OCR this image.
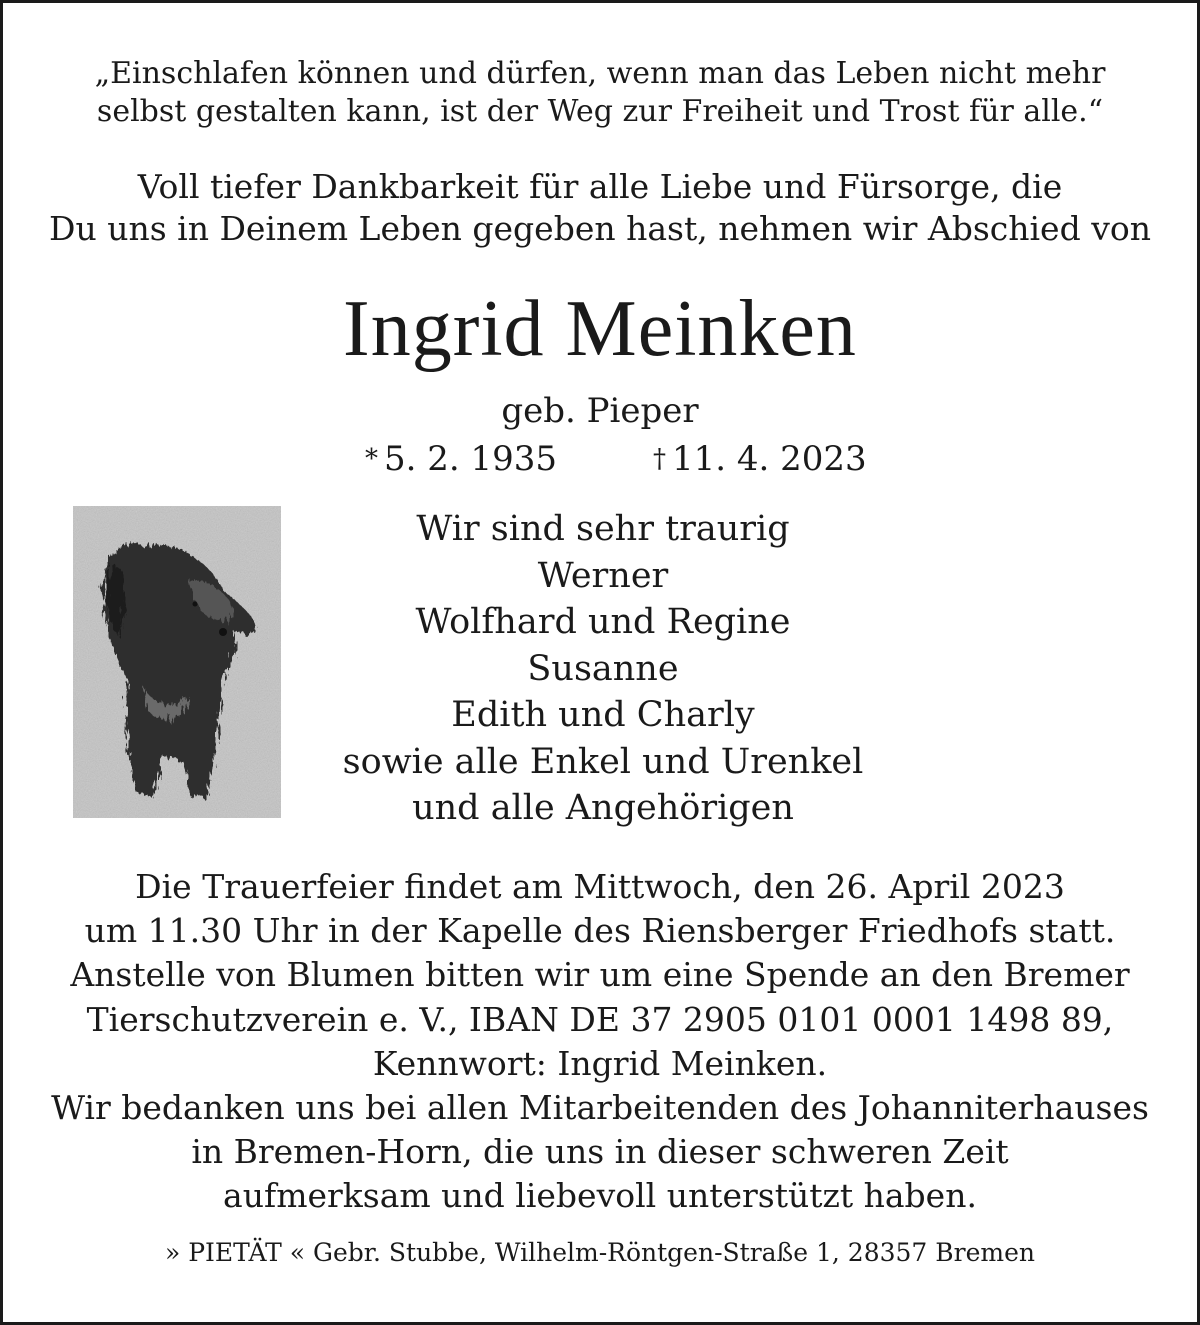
„Einschlafen können und dürfen, wenn man das Leben nicht mehr
selbst gestalten kann, ist der Weg zur Freiheit und Trost für alle.“
Voll tiefer Dankbarkeit für alle Liebe und Fürsorge, die
Du uns in Deinem Leben gegeben hast, nehmen wir Abschied von
Ingrid Meinken
geb. Pieper
* 5. 2. 1935	† 11. 4. 2023
Wir sind sehr traurig
Werner
Wolfhard und Regine
Susanne
Edith und Charly
sowie alle Enkel und Urenkel
und alle Angehörigen
Die Trauerfeier findet am Mittwoch, den 26. April 2023
um 11.30 Uhr in der Kapelle des Riensberger Friedhofs statt.
Anstelle von Blumen bitten wir um eine Spende an den Bremer
Tierschutzverein e. V., IBAN DE 37 2905 0101 0001 1498 89,
Kennwort: Ingrid Meinken.
Wir bedanken uns bei allen Mitarbeitenden des Johanniterhauses
in Bremen-Horn, die uns in dieser schweren Zeit
aufmerksam und liebevoll unterstützt haben.
» PIETÄT « Gebr. Stubbe, Wilhelm-Röntgen-Straße 1, 28357 Bremen
